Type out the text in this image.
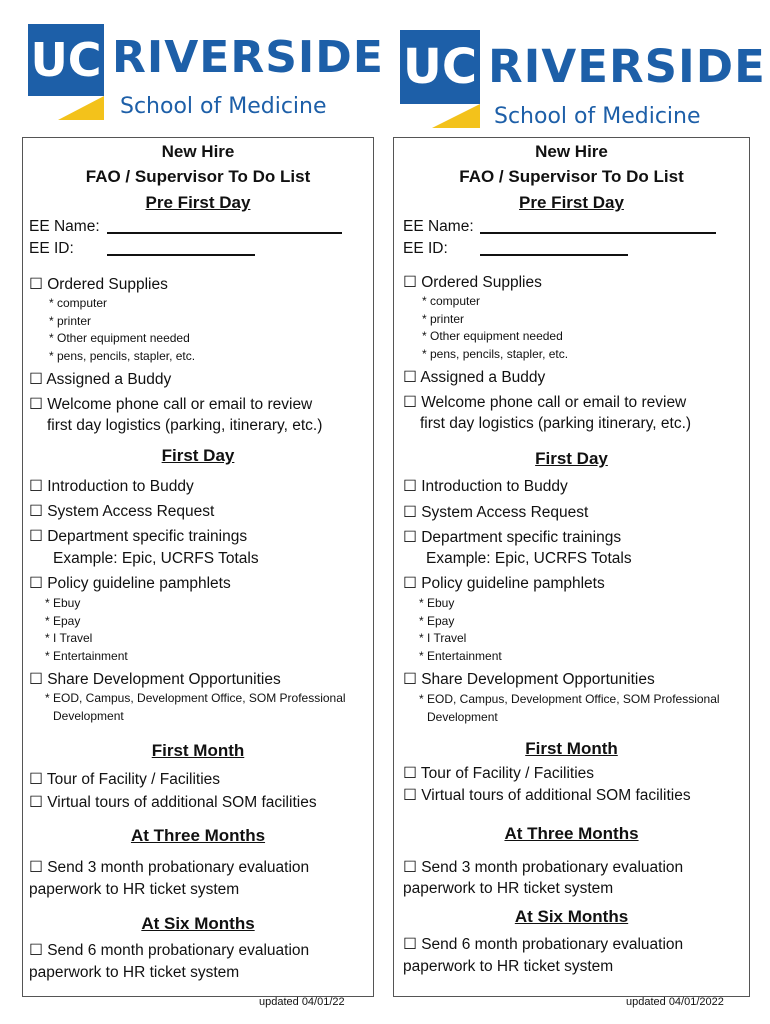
UC RIVERSIDE
School of Medicine
UC RIVERSIDE
School of Medicine
New Hire
FAO / Supervisor To Do List
Pre First Day
EE Name:
EE ID:
☐ Ordered Supplies
* computer
* printer
* Other equipment needed
* pens, pencils, stapler, etc.
☐ Assigned a Buddy
☐ Welcome phone call or email to review
first day logistics (parking, itinerary, etc.)
First Day
☐ Introduction to Buddy
☐ System Access Request
☐ Department specific trainings
Example: Epic, UCRFS Totals
☐ Policy guideline pamphlets
* Ebuy
* Epay
* I Travel
* Entertainment
☐ Share Development Opportunities
* EOD, Campus, Development Office, SOM Professional
Development
First Month
☐ Tour of Facility / Facilities
☐ Virtual tours of additional SOM facilities
At Three Months
☐ Send 3 month probationary evaluation
paperwork to HR ticket system
At Six Months
☐ Send 6 month probationary evaluation
paperwork to HR ticket system
updated 04/01/22
New Hire
FAO / Supervisor To Do List
Pre First Day
EE Name:
EE ID:
☐ Ordered Supplies
* computer
* printer
* Other equipment needed
* pens, pencils, stapler, etc.
☐ Assigned a Buddy
☐ Welcome phone call or email to review
first day logistics (parking itinerary, etc.)
First Day
☐ Introduction to Buddy
☐ System Access Request
☐ Department specific trainings
Example: Epic, UCRFS Totals
☐ Policy guideline pamphlets
* Ebuy
* Epay
* I Travel
* Entertainment
☐ Share Development Opportunities
* EOD, Campus, Development Office, SOM Professional
Development
First Month
☐ Tour of Facility / Facilities
☐ Virtual tours of additional SOM facilities
At Three Months
☐ Send 3 month probationary evaluation
paperwork to HR ticket system
At Six Months
☐ Send 6 month probationary evaluation
paperwork to HR ticket system
updated 04/01/2022
